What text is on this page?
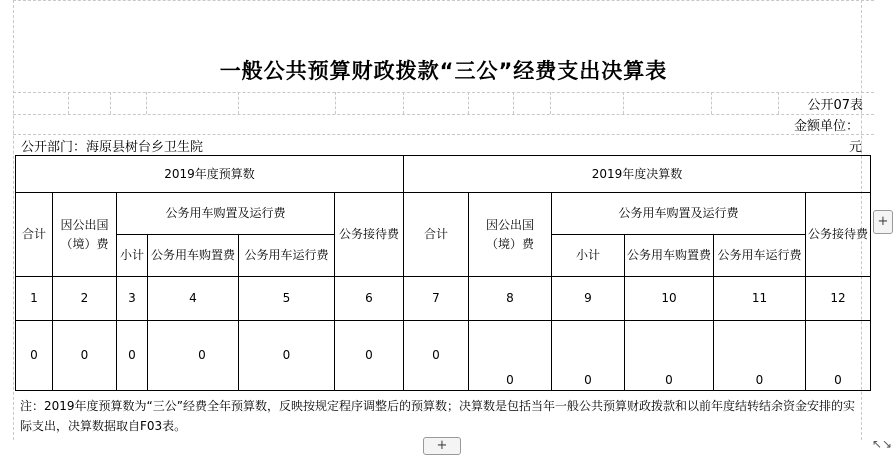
一般公共预算财政拨款“三公”经费支出决算表
公开07表
金额单位：
元
公开部门：海原县树台乡卫生院
2019年度预算数						2019年度决算数					
合计	因公出国（境）费	公务用车购置及运行费			公务接待费	合计	因公出国（境）费	公务用车购置及运行费			公务接待费
		小计	公务用车购置费	公务用车运行费				小计	公务用车购置费	公务用车运行费	
1	2	3	4	5	6	7	8	9	10	11	12
0	0	0	0	0	0	0	0	0	0	0	0
注：2019年度预算数为“三公”经费全年预算数，反映按规定程序调整后的预算数；决算数是包括当年一般公共预算财政拨款和以前年度结转结余资金安排的实际支出，决算数据取自F03表。
+
+	↖↘
